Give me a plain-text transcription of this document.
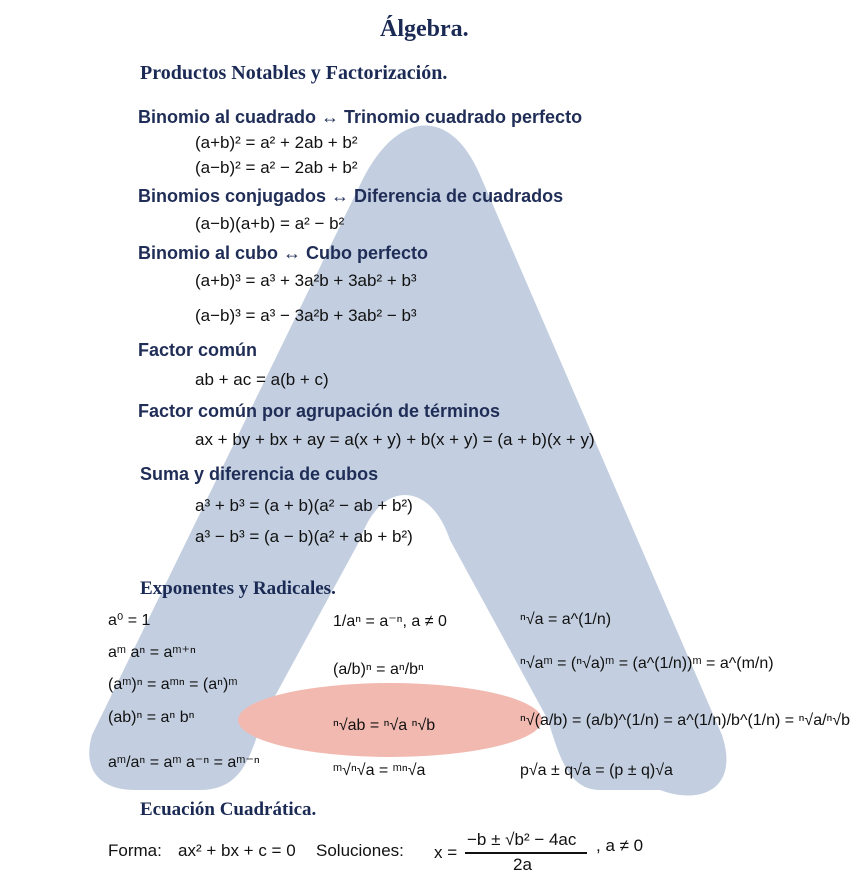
Álgebra.
Productos Notables y Factorización.
Binomio al cuadrado ↔ Trinomio cuadrado perfecto
(a+b)² = a² + 2ab + b²
(a−b)² = a² − 2ab + b²
Binomios conjugados ↔ Diferencia de cuadrados
(a−b)(a+b) = a² − b²
Binomio al cubo ↔ Cubo perfecto
(a+b)³ = a³ + 3a²b + 3ab² + b³
(a−b)³ = a³ − 3a²b + 3ab² − b³
Factor común
ab + ac = a(b + c)
Factor común por agrupación de términos
ax + by + bx + ay = a(x + y) + b(x + y) = (a + b)(x + y)
Suma y diferencia de cubos
a³ + b³ = (a + b)(a² − ab + b²)
a³ − b³ = (a − b)(a² + ab + b²)
Exponentes y Radicales.
a⁰ = 1
aᵐ aⁿ = aᵐ⁺ⁿ
(aᵐ)ⁿ = aᵐⁿ = (aⁿ)ᵐ
(ab)ⁿ = aⁿ bⁿ
aᵐ/aⁿ = aᵐ a⁻ⁿ = aᵐ⁻ⁿ
1/aⁿ = a⁻ⁿ, a ≠ 0
(a/b)ⁿ = aⁿ/bⁿ
ⁿ√ab = ⁿ√a ⁿ√b
ᵐ√ⁿ√a = ᵐⁿ√a
ⁿ√a = a^(1/n)
ⁿ√aᵐ = (ⁿ√a)ᵐ = (a^(1/n))ᵐ = a^(m/n)
ⁿ√(a/b) = (a/b)^(1/n) = a^(1/n)/b^(1/n) = ⁿ√a/ⁿ√b
p√a ± q√a = (p ± q)√a
Ecuación Cuadrática.
Forma: ax² + bx + c = 0 Soluciones: x =
−b ± √b² − 4ac
2a
, a ≠ 0
